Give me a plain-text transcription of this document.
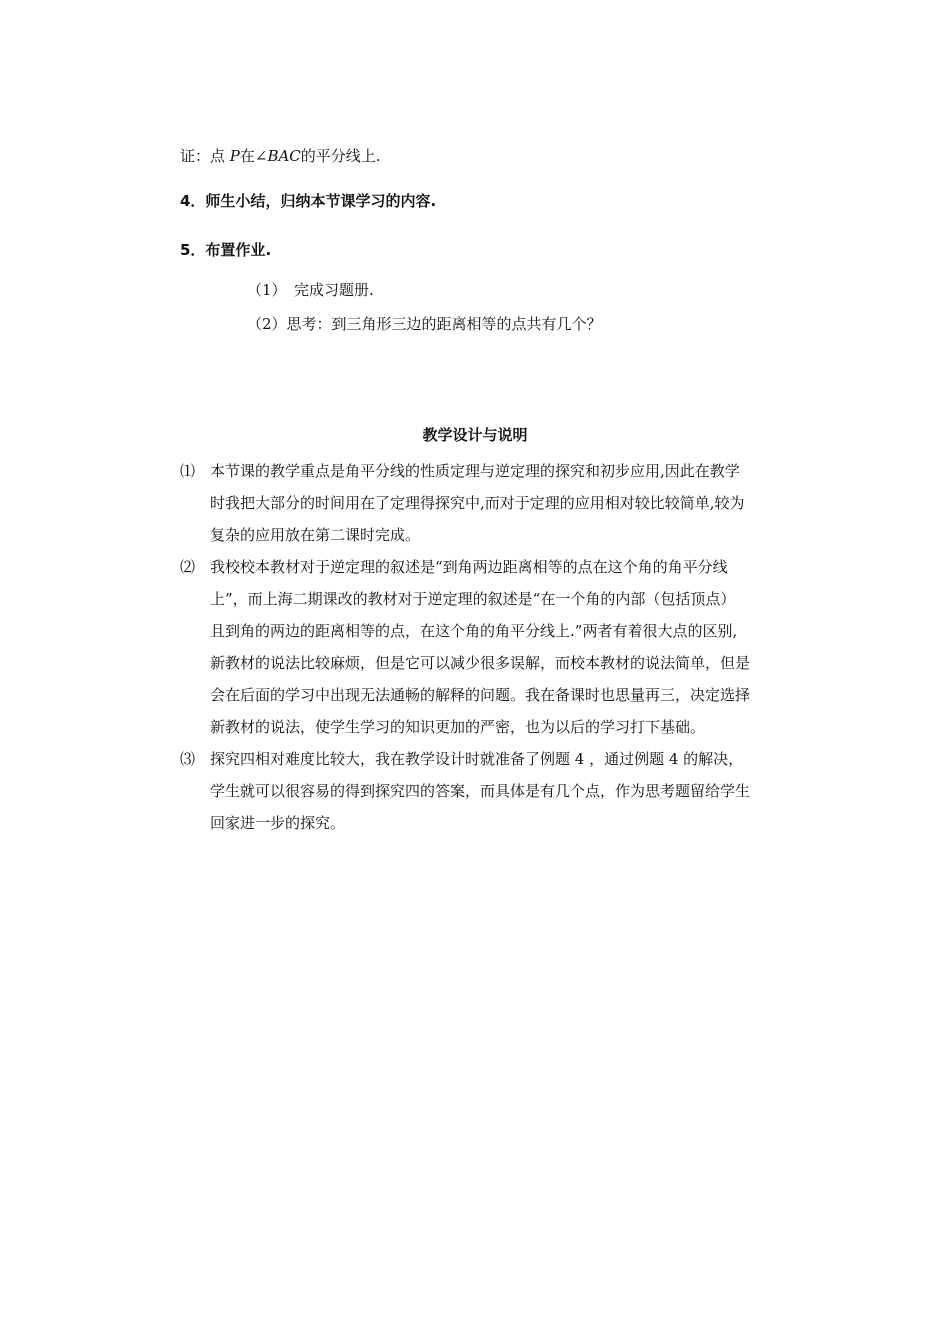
证：点 P在∠BAC的平分线上.
4．师生小结，归纳本节课学习的内容.
5．布置作业.
（1）　完成习题册.
（2）思考：到三角形三边的距离相等的点共有几个？
教学设计与说明
⑴ 本节课的教学重点是角平分线的性质定理与逆定理的探究和初步应用,因此在教学
时我把大部分的时间用在了定理得探究中,而对于定理的应用相对较比较简单,较为
复杂的应用放在第二课时完成。
⑵ 我校校本教材对于逆定理的叙述是“到角两边距离相等的点在这个角的角平分线
上”，而上海二期课改的教材对于逆定理的叙述是“在一个角的内部（包括顶点）
且到角的两边的距离相等的点，在这个角的角平分线上.”两者有着很大点的区别,
新教材的说法比较麻烦，但是它可以减少很多误解，而校本教材的说法简单，但是
会在后面的学习中出现无法通畅的解释的问题。我在备课时也思量再三，决定选择
新教材的说法，使学生学习的知识更加的严密，也为以后的学习打下基础。
⑶ 探究四相对难度比较大，我在教学设计时就准备了例题 4 ，通过例题 4 的解决，
学生就可以很容易的得到探究四的答案，而具体是有几个点，作为思考题留给学生
回家进一步的探究。
